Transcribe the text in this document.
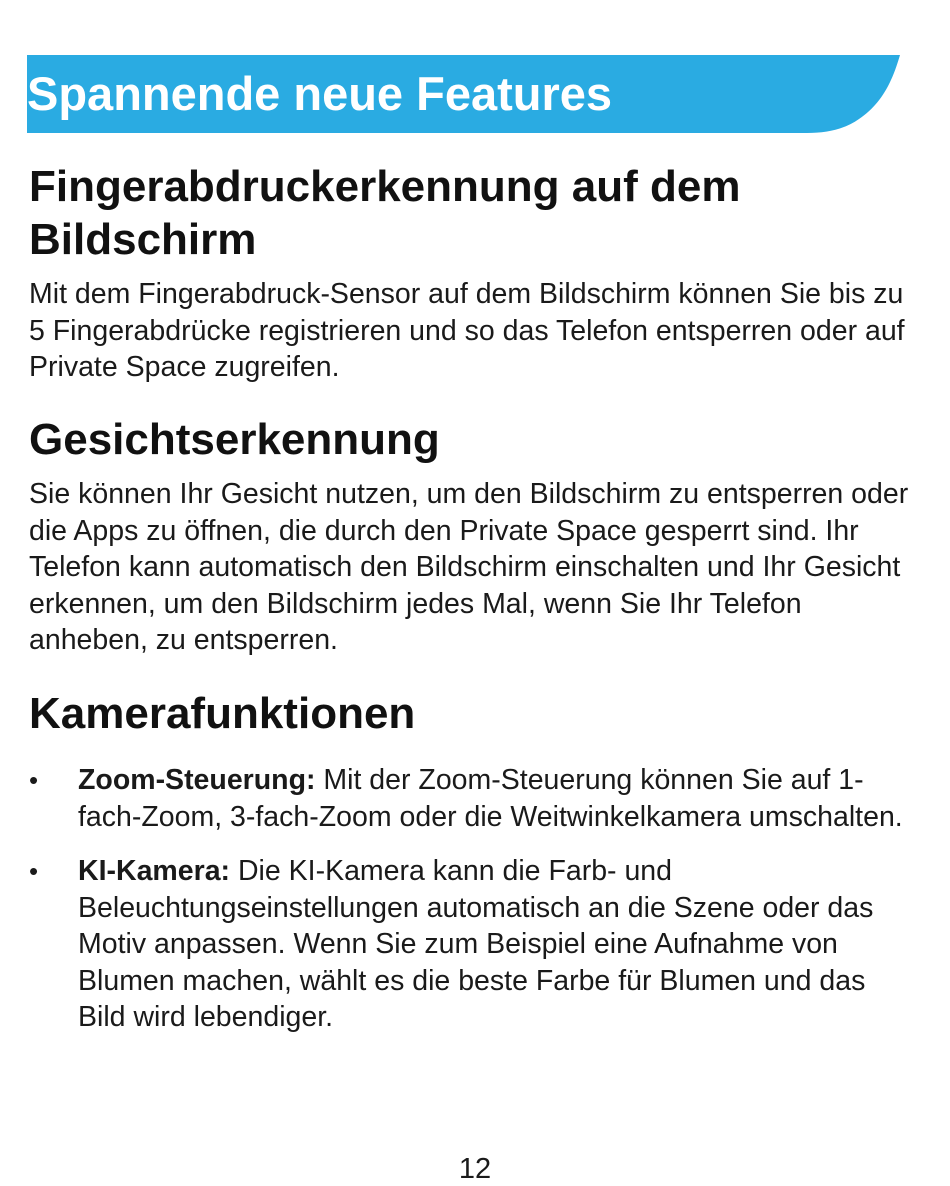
Spannende neue Features
Fingerabdruckerkennung auf dem Bildschirm

Mit dem Fingerabdruck-Sensor auf dem Bildschirm können Sie bis zu 5 Fingerabdrücke registrieren und so das Telefon entsperren oder auf Private Space zugreifen.

Gesichtserkennung

Sie können Ihr Gesicht nutzen, um den Bildschirm zu entsperren oder die Apps zu öffnen, die durch den Private Space gesperrt sind. Ihr Telefon kann automatisch den Bildschirm einschalten und Ihr Gesicht erkennen, um den Bildschirm jedes Mal, wenn Sie Ihr Telefon anheben, zu entsperren.

Kamerafunktionen
• Zoom-Steuerung: Mit der Zoom-Steuerung können Sie auf 1-fach-Zoom, 3-fach-Zoom oder die Weitwinkelkamera umschalten.
• KI-Kamera: Die KI-Kamera kann die Farb- und Beleuchtungseinstellungen automatisch an die Szene oder das Motiv anpassen. Wenn Sie zum Beispiel eine Aufnahme von Blumen machen, wählt es die beste Farbe für Blumen und das Bild wird lebendiger.
12
